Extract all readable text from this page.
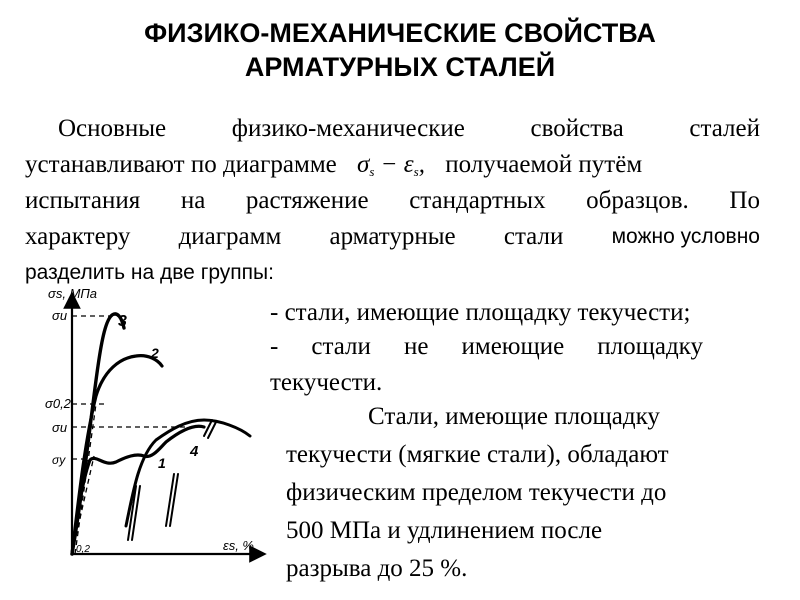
ФИЗИКО-МЕХАНИЧЕСКИЕ СВОЙСТВА
АРМАТУРНЫХ СТАЛЕЙ
Основные	физико-механические	свойства	сталей
устанавливают по диаграмме $\sigma_s - \varepsilon_s$, получаемой путём
испытания на растяжение стандартных образцов. По
характеру диаграмм арматурные стали можно условно
разделить на две группы:
- стали, имеющие площадку текучести;
- стали не имеющие площадку
текучести.
Стали, имеющие площадку
текучести (мягкие стали), обладают
физическим пределом текучести до
500 МПа и удлинением после
разрыва до 25 %.
σs, МПа
σu
σ0,2
σu
σy
0,2	εs, %
3
2
1
4
